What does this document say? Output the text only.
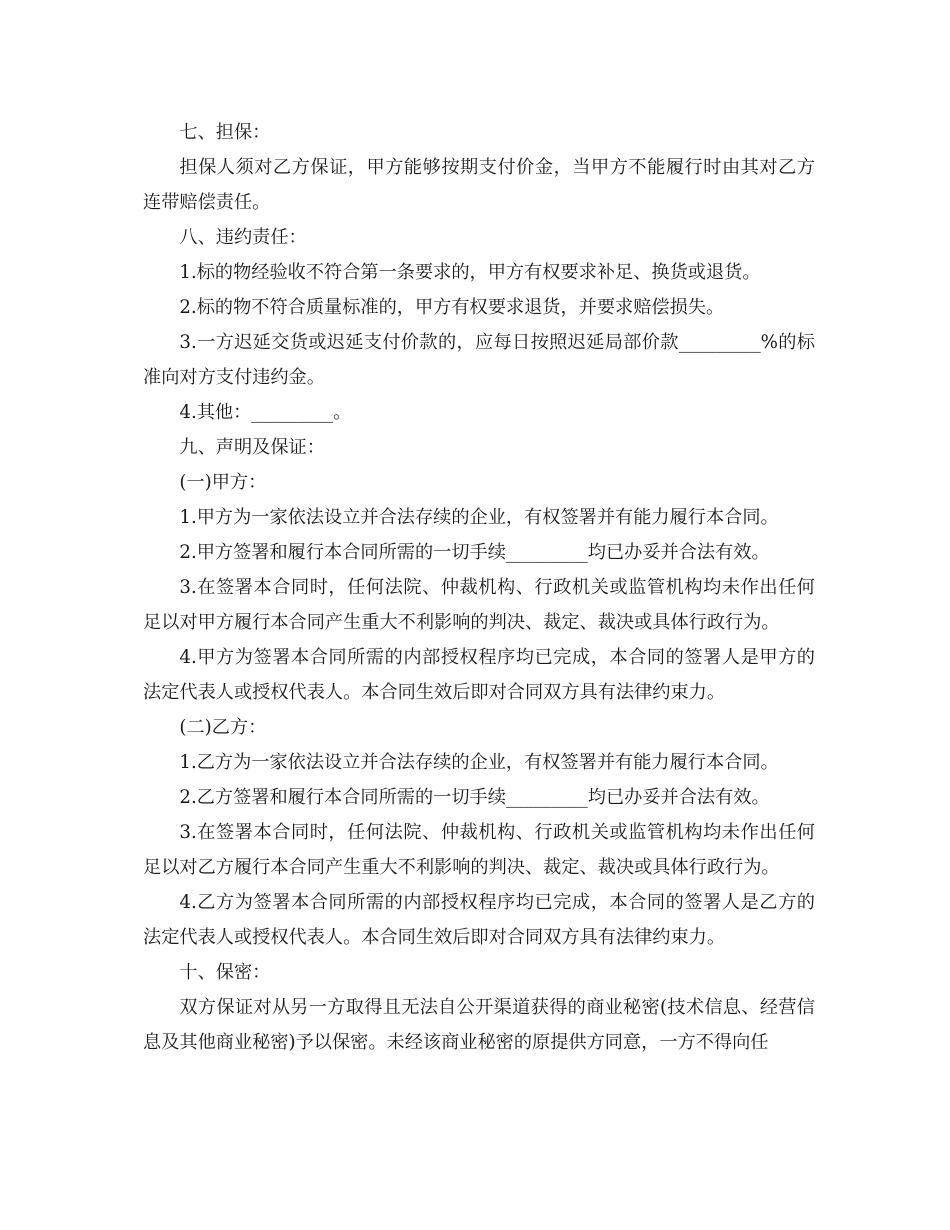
七、担保：

担保人须对乙方保证，甲方能够按期支付价金，当甲方不能履行时由其对乙方连带赔偿责任。

八、违约责任：

1.标的物经验收不符合第一条要求的，甲方有权要求补足、换货或退货。

2.标的物不符合质量标准的，甲方有权要求退货，并要求赔偿损失。

3.一方迟延交货或迟延支付价款的，应每日按照迟延局部价款_________%的标准向对方支付违约金。

4.其他：_________。

九、声明及保证：

(一)甲方：

1.甲方为一家依法设立并合法存续的企业，有权签署并有能力履行本合同。

2.甲方签署和履行本合同所需的一切手续_________均已办妥并合法有效。

3.在签署本合同时，任何法院、仲裁机构、行政机关或监管机构均未作出任何足以对甲方履行本合同产生重大不利影响的判决、裁定、裁决或具体行政行为。

4.甲方为签署本合同所需的内部授权程序均已完成，本合同的签署人是甲方的法定代表人或授权代表人。本合同生效后即对合同双方具有法律约束力。

(二)乙方：

1.乙方为一家依法设立并合法存续的企业，有权签署并有能力履行本合同。

2.乙方签署和履行本合同所需的一切手续_________均已办妥并合法有效。

3.在签署本合同时，任何法院、仲裁机构、行政机关或监管机构均未作出任何足以对乙方履行本合同产生重大不利影响的判决、裁定、裁决或具体行政行为。

4.乙方为签署本合同所需的内部授权程序均已完成，本合同的签署人是乙方的法定代表人或授权代表人。本合同生效后即对合同双方具有法律约束力。

十、保密：

双方保证对从另一方取得且无法自公开渠道获得的商业秘密(技术信息、经营信息及其他商业秘密)予以保密。未经该商业秘密的原提供方同意，一方不得向任
